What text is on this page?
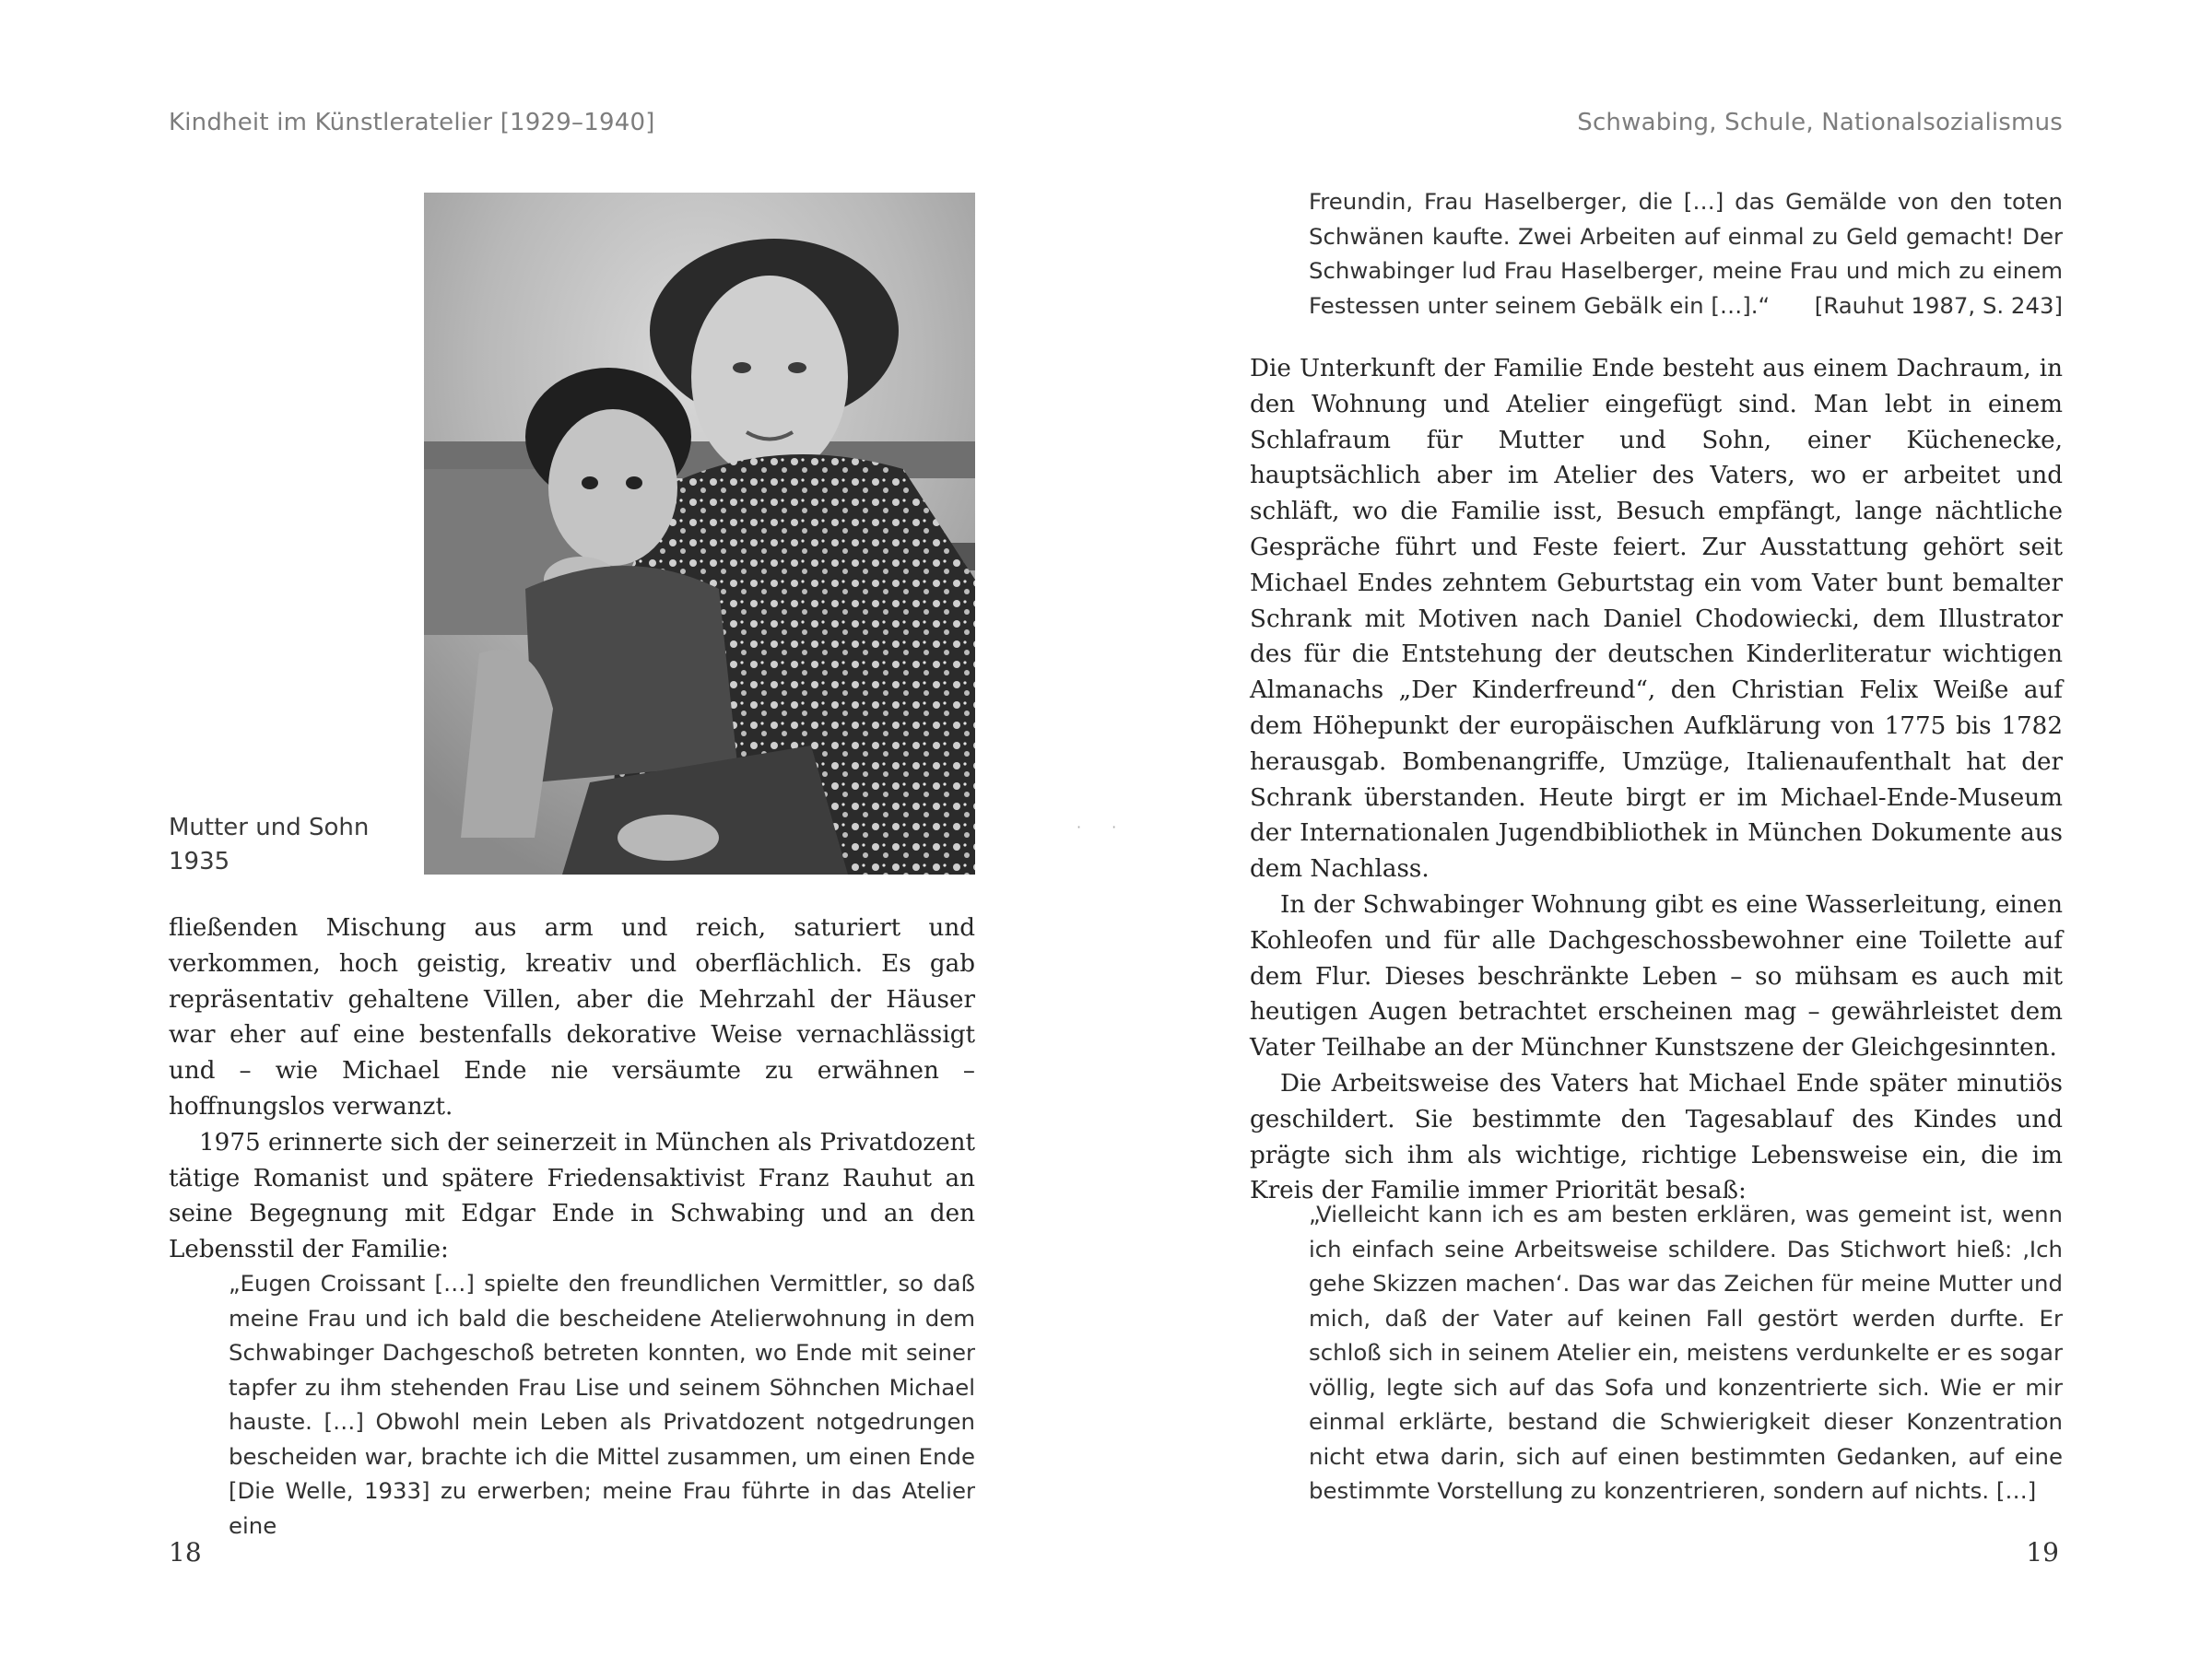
Kindheit im Künstleratelier [1929–1940]
Mutter und Sohn
1935

fließenden Mischung aus arm und reich, saturiert und verkommen, hoch geistig, kreativ und oberflächlich. Es gab repräsentativ gehaltene Villen, aber die Mehrzahl der Häuser war eher auf eine bestenfalls dekorative Weise vernachlässigt und – wie Michael Ende nie versäumte zu erwähnen – hoffnungslos verwanzt.

1975 erinnerte sich der seinerzeit in München als Privatdozent tätige Romanist und spätere Friedensaktivist Franz Rauhut an seine Begegnung mit Edgar Ende in Schwabing und an den Lebensstil der Familie:

„Eugen Croissant […] spielte den freundlichen Vermittler, so daß meine Frau und ich bald die bescheidene Atelierwohnung in dem Schwabinger Dachgeschoß betreten konnten, wo Ende mit seiner tapfer zu ihm stehenden Frau Lise und seinem Söhnchen Michael hauste. […] Obwohl mein Leben als Privatdozent notgedrungen bescheiden war, brachte ich die Mittel zusammen, um einen Ende [Die Welle, 1933] zu erwerben; meine Frau führte in das Atelier eine

18
Schwabing, Schule, Nationalsozialismus

Freundin, Frau Haselberger, die […] das Gemälde von den toten Schwänen kaufte. Zwei Arbeiten auf einmal zu Geld gemacht! Der Schwabinger lud Frau Haselberger, meine Frau und mich zu einem Festessen unter seinem Gebälk ein […].“ [Rauhut 1987, S. 243]

Die Unterkunft der Familie Ende besteht aus einem Dachraum, in den Wohnung und Atelier eingefügt sind. Man lebt in einem Schlafraum für Mutter und Sohn, einer Küchenecke, hauptsächlich aber im Atelier des Vaters, wo er arbeitet und schläft, wo die Familie isst, Besuch empfängt, lange nächtliche Gespräche führt und Feste feiert. Zur Ausstattung gehört seit Michael Endes zehntem Geburtstag ein vom Vater bunt bemalter Schrank mit Motiven nach Daniel Chodowiecki, dem Illustrator des für die Entstehung der deutschen Kinderliteratur wichtigen Almanachs „Der Kinderfreund“, den Christian Felix Weiße auf dem Höhepunkt der europäischen Aufklärung von 1775 bis 1782 herausgab. Bombenangriffe, Umzüge, Italienaufenthalt hat der Schrank überstanden. Heute birgt er im Michael-Ende-Museum der Internationalen Jugendbibliothek in München Dokumente aus dem Nachlass.

In der Schwabinger Wohnung gibt es eine Wasserleitung, einen Kohleofen und für alle Dachgeschossbewohner eine Toilette auf dem Flur. Dieses beschränkte Leben – so mühsam es auch mit heutigen Augen betrachtet erscheinen mag – gewährleistet dem Vater Teilhabe an der Münchner Kunstszene der Gleichgesinnten.

Die Arbeitsweise des Vaters hat Michael Ende später minutiös geschildert. Sie bestimmte den Tagesablauf des Kindes und prägte sich ihm als wichtige, richtige Lebensweise ein, die im Kreis der Familie immer Priorität besaß:

„Vielleicht kann ich es am besten erklären, was gemeint ist, wenn ich einfach seine Arbeitsweise schildere. Das Stichwort hieß: ‚Ich gehe Skizzen machen‘. Das war das Zeichen für meine Mutter und mich, daß der Vater auf keinen Fall gestört werden durfte. Er schloß sich in seinem Atelier ein, meistens verdunkelte er es sogar völlig, legte sich auf das Sofa und konzentrierte sich. Wie er mir einmal erklärte, bestand die Schwierigkeit dieser Konzentration nicht etwa darin, sich auf einen bestimmten Gedanken, auf eine bestimmte Vorstellung zu konzentrieren, sondern auf nichts. […]

19
· ·
